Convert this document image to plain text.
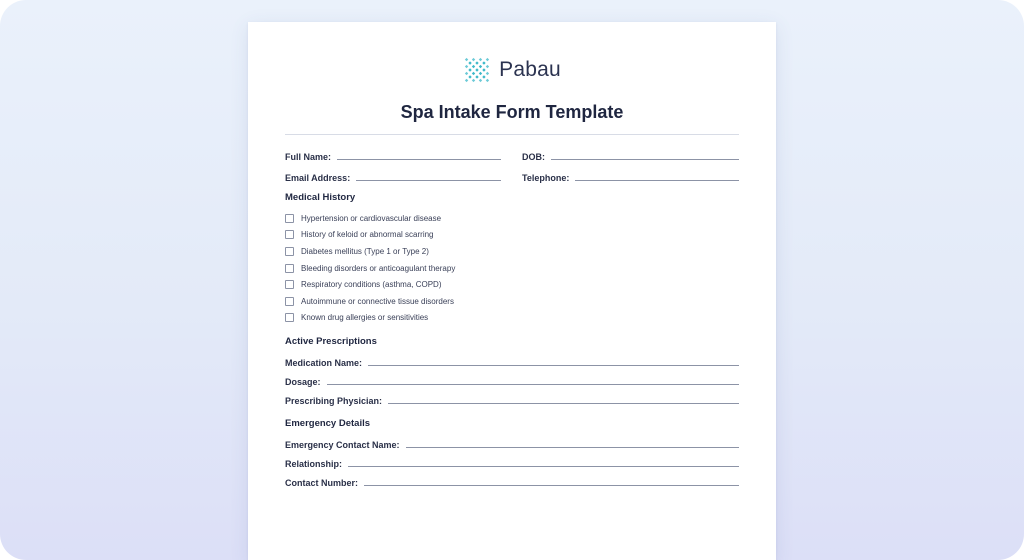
Pabau
Spa Intake Form Template
Full Name:	DOB:
Email Address:	Telephone:
Medical History
Hypertension or cardiovascular disease
History of keloid or abnormal scarring
Diabetes mellitus (Type 1 or Type 2)
Bleeding disorders or anticoagulant therapy
Respiratory conditions (asthma, COPD)
Autoimmune or connective tissue disorders
Known drug allergies or sensitivities
Active Prescriptions
Medication Name:
Dosage:
Prescribing Physician:
Emergency Details
Emergency Contact Name:
Relationship:
Contact Number:
